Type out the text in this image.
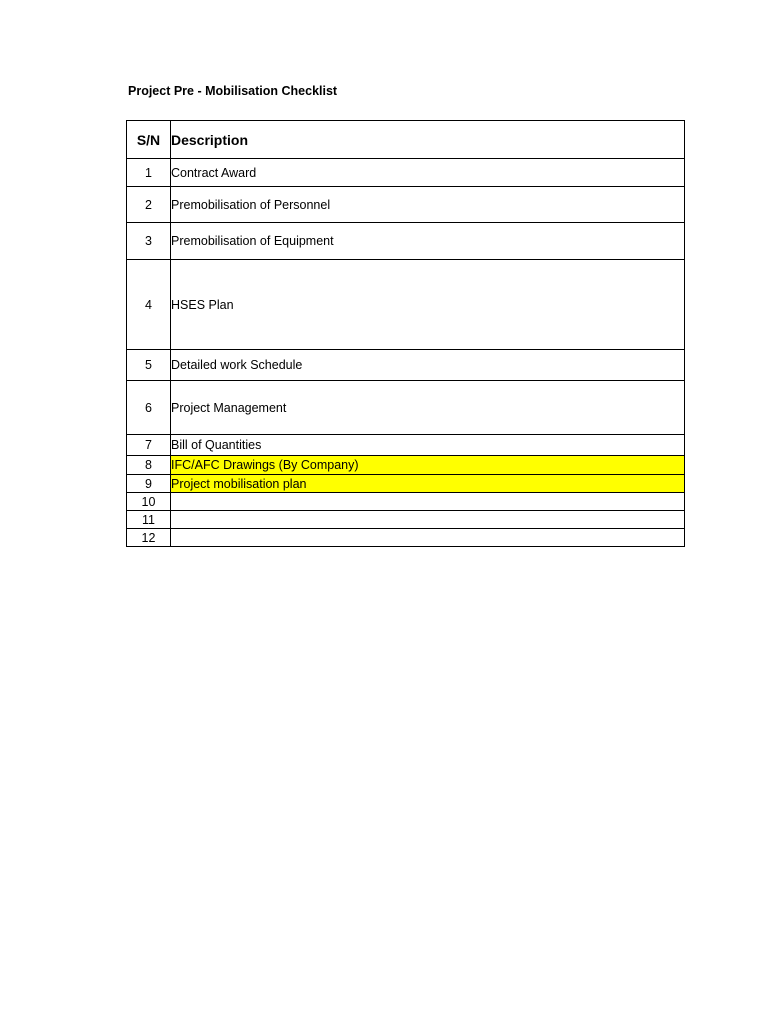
Project Pre - Mobilisation Checklist
S/N	Description
1	Contract Award
2	Premobilisation of Personnel
3	Premobilisation of Equipment
4	HSES Plan
5	Detailed work Schedule
6	Project Management
7	Bill of Quantities
8	IFC/AFC Drawings (By Company)
9	Project mobilisation plan
10	
11	
12	
